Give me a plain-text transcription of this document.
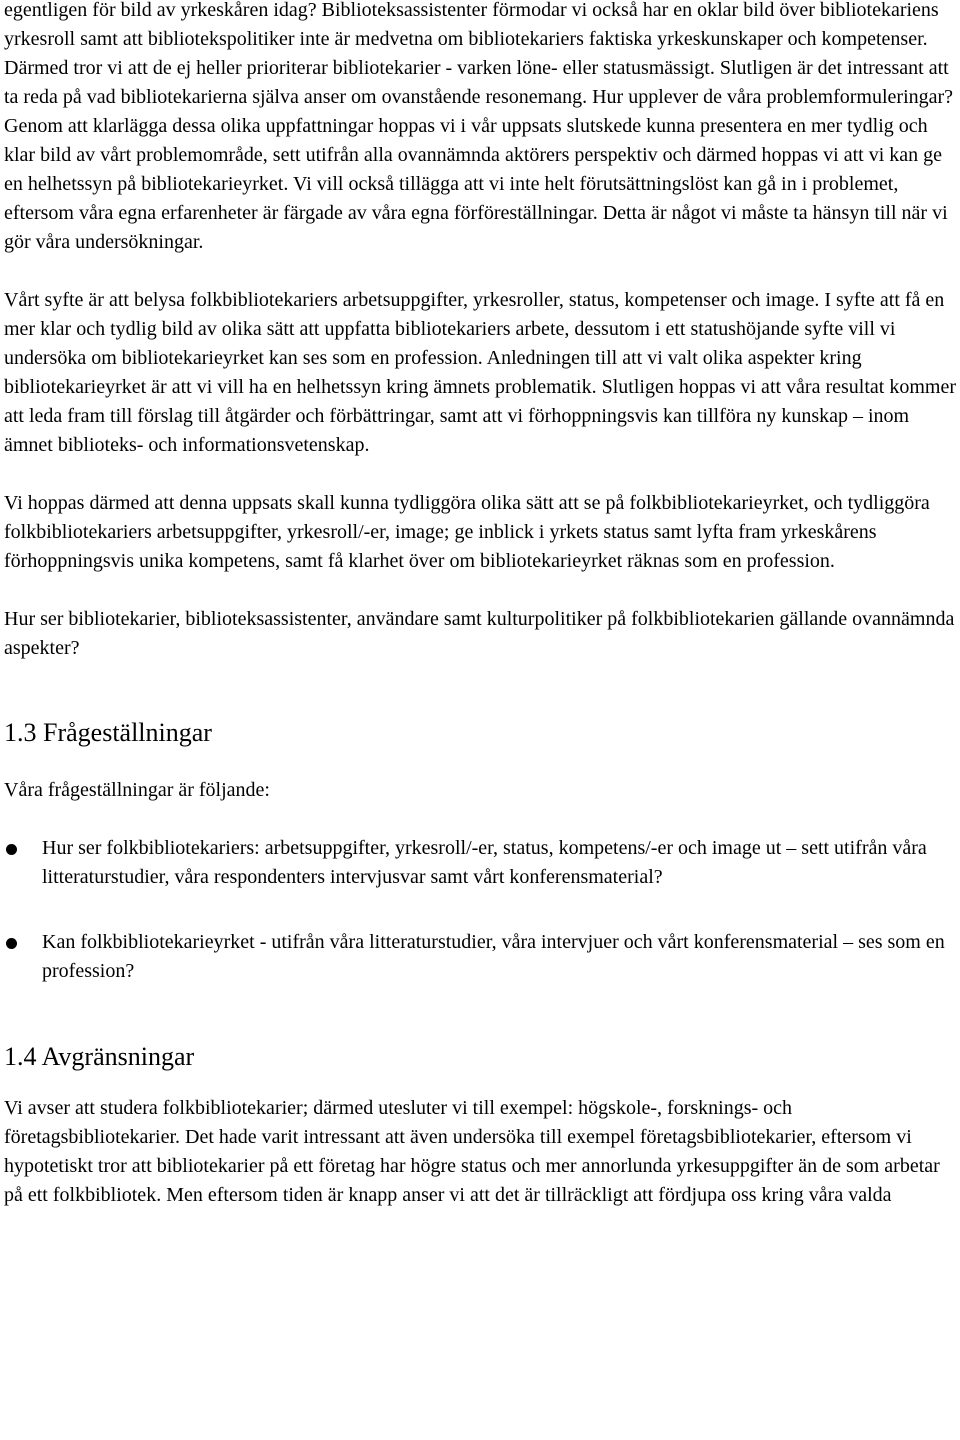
egentligen för bild av yrkeskåren idag? Biblioteksassistenter förmodar vi också har en oklar bild över bibliotekariens yrkesroll samt att bibliotekspolitiker inte är medvetna om bibliotekariers faktiska yrkeskunskaper och kompetenser. Därmed tror vi att de ej heller prioriterar bibliotekarier - varken löne- eller statusmässigt. Slutligen är det intressant att ta reda på vad bibliotekarierna själva anser om ovanstående resonemang. Hur upplever de våra problemformuleringar? Genom att klarlägga dessa olika uppfattningar hoppas vi i vår uppsats slutskede kunna presentera en mer tydlig och klar bild av vårt problemområde, sett utifrån alla ovannämnda aktörers perspektiv och därmed hoppas vi att vi kan ge en helhetssyn på bibliotekarieyrket. Vi vill också tillägga att vi inte helt förutsättningslöst kan gå in i problemet, eftersom våra egna erfarenheter är färgade av våra egna förföreställningar. Detta är något vi måste ta hänsyn till när vi gör våra undersökningar.

Vårt syfte är att belysa folkbibliotekariers arbetsuppgifter, yrkesroller, status, kompetenser och image. I syfte att få en mer klar och tydlig bild av olika sätt att uppfatta bibliotekariers arbete, dessutom i ett statushöjande syfte vill vi undersöka om bibliotekarieyrket kan ses som en profession. Anledningen till att vi valt olika aspekter kring bibliotekarieyrket är att vi vill ha en helhetssyn kring ämnets problematik. Slutligen hoppas vi att våra resultat kommer att leda fram till förslag till åtgärder och förbättringar, samt att vi förhoppningsvis kan tillföra ny kunskap – inom ämnet biblioteks- och informationsvetenskap.

Vi hoppas därmed att denna uppsats skall kunna tydliggöra olika sätt att se på folkbibliotekarieyrket, och tydliggöra folkbibliotekariers arbetsuppgifter, yrkesroll/-er, image; ge inblick i yrkets status samt lyfta fram yrkeskårens förhoppningsvis unika kompetens, samt få klarhet över om bibliotekarieyrket räknas som en profession.

Hur ser bibliotekarier, biblioteksassistenter, användare samt kulturpolitiker på folkbibliotekarien gällande ovannämnda aspekter?

1.3 Frågeställningar

Våra frågeställningar är följande:

Hur ser folkbibliotekariers: arbetsuppgifter, yrkesroll/-er, status, kompetens/-er och image ut – sett utifrån våra litteraturstudier, våra respondenters intervjusvar samt vårt konferensmaterial?
Kan folkbibliotekarieyrket - utifrån våra litteraturstudier, våra intervjuer och vårt konferensmaterial – ses som en profession?
1.4 Avgränsningar

Vi avser att studera folkbibliotekarier; därmed utesluter vi till exempel: högskole-, forsknings- och företagsbibliotekarier. Det hade varit intressant att även undersöka till exempel företagsbibliotekarier, eftersom vi hypotetiskt tror att bibliotekarier på ett företag har högre status och mer annorlunda yrkesuppgifter än de som arbetar på ett folkbibliotek. Men eftersom tiden är knapp anser vi att det är tillräckligt att fördjupa oss kring våra valda
